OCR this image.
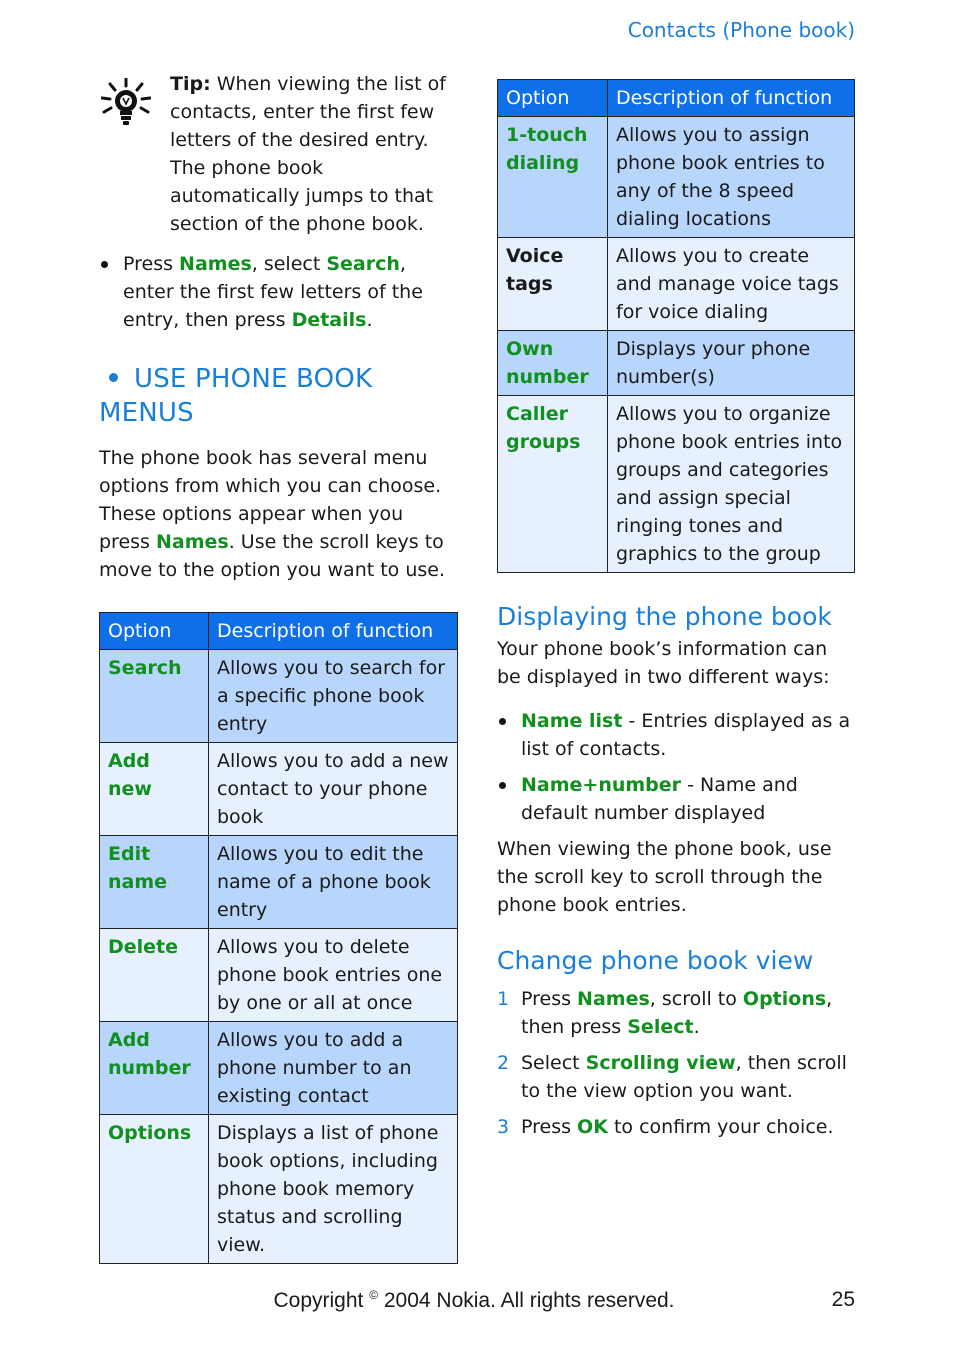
Contacts (Phone book)
Tip: When viewing the list of contacts, enter the first few letters of the desired entry. The phone book automatically jumps to that section of the phone book.
Press Names, select Search, enter the first few letters of the entry, then press Details.
USE PHONE BOOK MENUS

The phone book has several menu options from which you can choose. These options appear when you press Names. Use the scroll keys to move to the option you want to use.

Option	Description of function
Search	Allows you to search for a specific phone book entry
Add new	Allows you to add a new contact to your phone book
Edit name	Allows you to edit the name of a phone book entry
Delete	Allows you to delete phone book entries one by one or all at once
Add number	Allows you to add a phone number to an existing contact
Options	Displays a list of phone book options, including phone book memory status and scrolling view.
Option	Description of function
1-touch dialing	Allows you to assign phone book entries to any of the 8 speed dialing locations
Voice tags	Allows you to create and manage voice tags for voice dialing
Own number	Displays your phone number(s)
Caller groups	Allows you to organize phone book entries into groups and categories and assign special ringing tones and graphics to the group
Displaying the phone book

Your phone book’s information can be displayed in two different ways:

Name list - Entries displayed as a list of contacts.
Name+number - Name and default number displayed

When viewing the phone book, use the scroll key to scroll through the phone book entries.

Change phone book view
1 Press Names, scroll to Options, then press Select.
2 Select Scrolling view, then scroll to the view option you want.
3 Press OK to confirm your choice.
Copyright © 2004 Nokia. All rights reserved.	25
